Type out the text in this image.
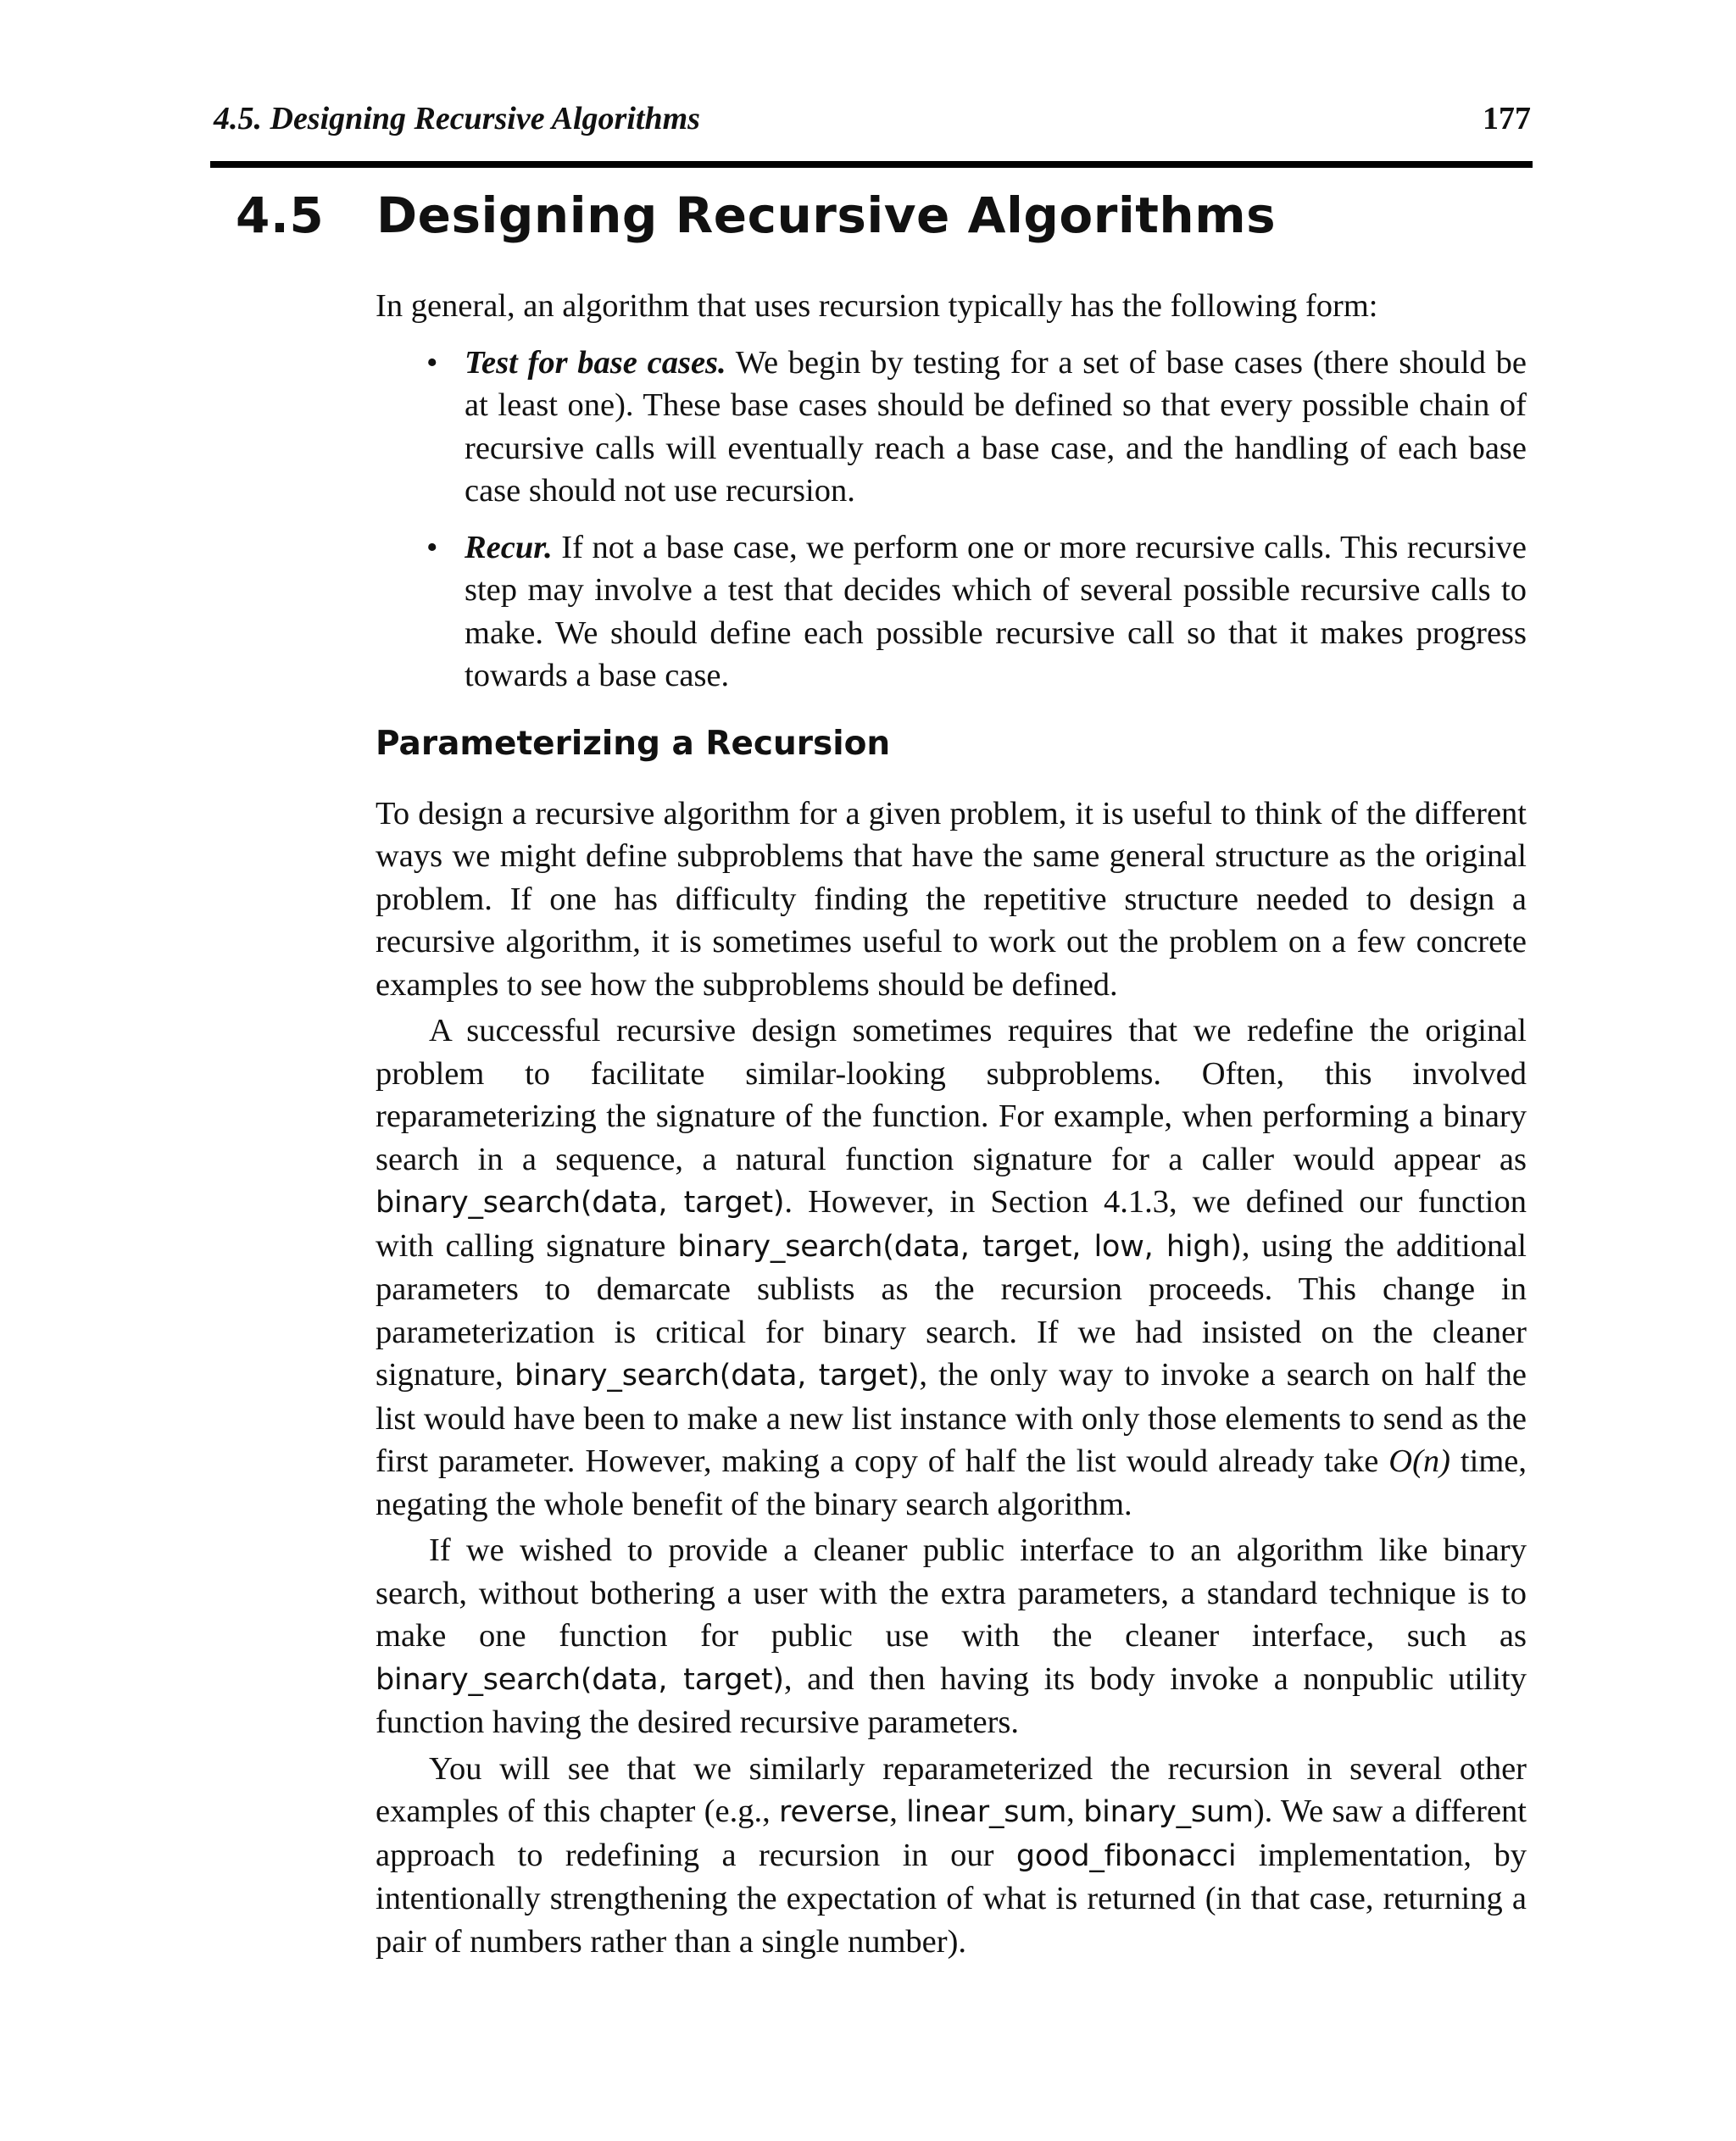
4.5. Designing Recursive Algorithms	177
4.5 Designing Recursive Algorithms

In general, an algorithm that uses recursion typically has the following form:

• Test for base cases. We begin by testing for a set of base cases (there should be at least one). These base cases should be defined so that every possible chain of recursive calls will eventually reach a base case, and the handling of each base case should not use recursion.
• Recur. If not a base case, we perform one or more recursive calls. This recursive step may involve a test that decides which of several possible recursive calls to make. We should define each possible recursive call so that it makes progress towards a base case.
Parameterizing a Recursion

To design a recursive algorithm for a given problem, it is useful to think of the different ways we might define subproblems that have the same general structure as the original problem. If one has difficulty finding the repetitive structure needed to design a recursive algorithm, it is sometimes useful to work out the problem on a few concrete examples to see how the subproblems should be defined.

A successful recursive design sometimes requires that we redefine the original problem to facilitate similar-looking subproblems. Often, this involved reparameterizing the signature of the function. For example, when performing a binary search in a sequence, a natural function signature for a caller would appear as binary_search(data, target). However, in Section 4.1.3, we defined our function with calling signature binary_search(data, target, low, high), using the additional parameters to demarcate sublists as the recursion proceeds. This change in parameterization is critical for binary search. If we had insisted on the cleaner signature, binary_search(data, target), the only way to invoke a search on half the list would have been to make a new list instance with only those elements to send as the first parameter. However, making a copy of half the list would already take O(n) time, negating the whole benefit of the binary search algorithm.

If we wished to provide a cleaner public interface to an algorithm like binary search, without bothering a user with the extra parameters, a standard technique is to make one function for public use with the cleaner interface, such as binary_search(data, target), and then having its body invoke a nonpublic utility function having the desired recursive parameters.

You will see that we similarly reparameterized the recursion in several other examples of this chapter (e.g., reverse, linear_sum, binary_sum). We saw a different approach to redefining a recursion in our good_fibonacci implementation, by intentionally strengthening the expectation of what is returned (in that case, returning a pair of numbers rather than a single number).
